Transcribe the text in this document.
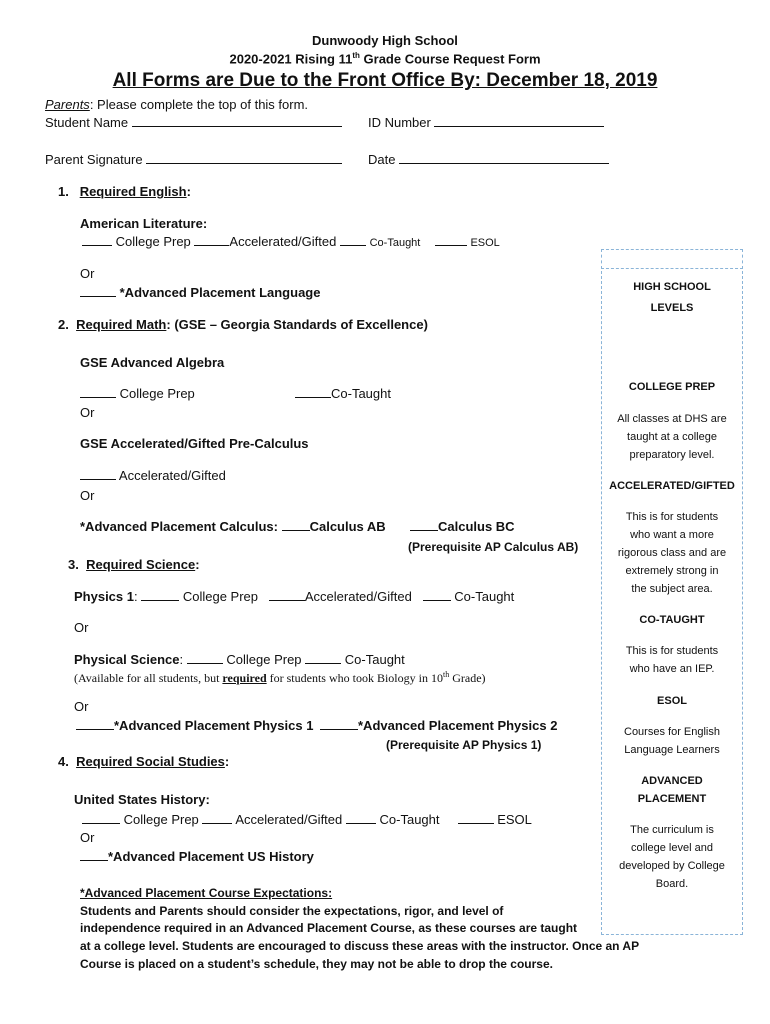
Dunwoody High School
2020-2021 Rising 11th Grade Course Request Form
All Forms are Due to the Front Office By: December 18, 2019
Parents: Please complete the top of this form.
Student Name	ID Number
Parent Signature	Date
1. Required English:
American Literature:
College Prep	Accelerated/Gifted	Co-Taught	ESOL
Or
*Advanced Placement Language
2. Required Math: (GSE – Georgia Standards of Excellence)
GSE Advanced Algebra
College Prep	Co-Taught
Or
GSE Accelerated/Gifted Pre-Calculus
Accelerated/Gifted
Or
*Advanced Placement Calculus: Calculus AB	Calculus BC
(Prerequisite AP Calculus AB)
3. Required Science:
Physics 1:	College Prep	Accelerated/Gifted	Co-Taught
Or
Physical Science:	College Prep	Co-Taught
(Available for all students, but required for students who took Biology in 10th Grade)
Or
*Advanced Placement Physics 1	*Advanced Placement Physics 2
(Prerequisite AP Physics 1)
4. Required Social Studies:
United States History:
College Prep	Accelerated/Gifted	Co-Taught	ESOL
Or
*Advanced Placement US History
*Advanced Placement Course Expectations:
Students and Parents should consider the expectations, rigor, and level of
independence required in an Advanced Placement Course, as these courses are taught
at a college level. Students are encouraged to discuss these areas with the instructor. Once an AP
Course is placed on a student’s schedule, they may not be able to drop the course.
HIGH SCHOOL
LEVELS
COLLEGE PREP
All classes at DHS are
taught at a college
preparatory level.
ACCELERATED/GIFTED
This is for students
who want a more
rigorous class and are
extremely strong in
the subject area.
CO-TAUGHT
This is for students
who have an IEP.
ESOL
Courses for English
Language Learners
ADVANCED
PLACEMENT
The curriculum is
college level and
developed by College
Board.
